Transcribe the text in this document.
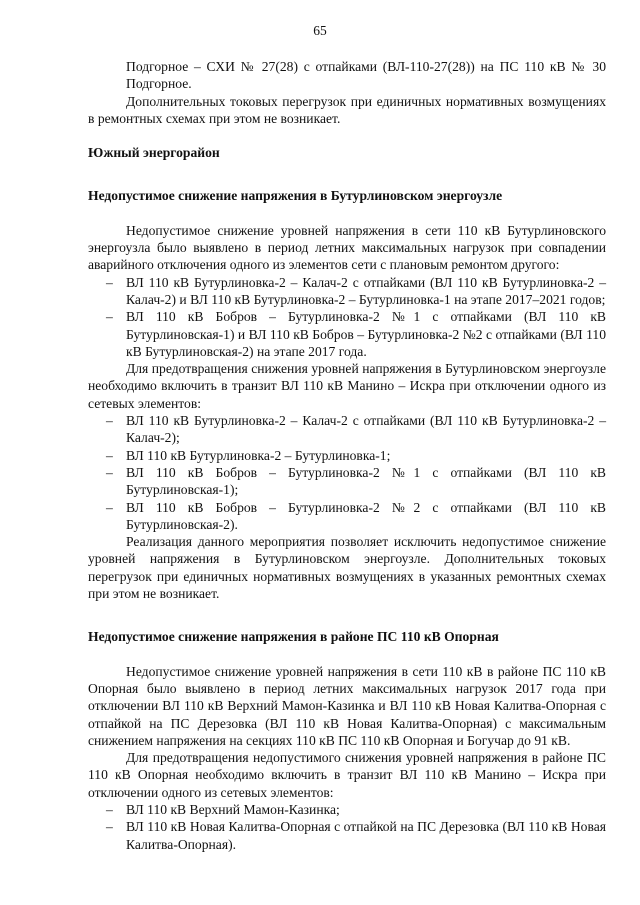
65

Подгорное – СХИ № 27(28) с отпайками (ВЛ-110-27(28)) на ПС 110 кВ № 30 Подгорное.

Дополнительных токовых перегрузок при единичных нормативных возмущениях в ремонтных схемах при этом не возникает.

Южный энергорайон

Недопустимое снижение напряжения в Бутурлиновском энергоузле

Недопустимое снижение уровней напряжения в сети 110 кВ Бутурлиновского энергоузла было выявлено в период летних максимальных нагрузок при совпадении аварийного отключения одного из элементов сети с плановым ремонтом другого:

– ВЛ 110 кВ Бутурлиновка-2 – Калач-2 с отпайками (ВЛ 110 кВ Бутурлиновка-2 – Калач-2) и ВЛ 110 кВ Бутурлиновка-2 – Бутурлиновка-1 на этапе 2017–2021 годов;
– ВЛ 110 кВ Бобров – Бутурлиновка-2 №1 с отпайками (ВЛ 110 кВ Бутурлиновская-1) и ВЛ 110 кВ Бобров – Бутурлиновка-2 №2 с отпайками (ВЛ 110 кВ Бутурлиновская-2) на этапе 2017 года.

Для предотвращения снижения уровней напряжения в Бутурлиновском энергоузле необходимо включить в транзит ВЛ 110 кВ Манино – Искра при отключении одного из сетевых элементов:

– ВЛ 110 кВ Бутурлиновка-2 – Калач-2 с отпайками (ВЛ 110 кВ Бутурлиновка-2 – Калач-2);
– ВЛ 110 кВ Бутурлиновка-2 – Бутурлиновка-1;
– ВЛ 110 кВ Бобров – Бутурлиновка-2 №1 с отпайками (ВЛ 110 кВ Бутурлиновская-1);
– ВЛ 110 кВ Бобров – Бутурлиновка-2 №2 с отпайками (ВЛ 110 кВ Бутурлиновская-2).

Реализация данного мероприятия позволяет исключить недопустимое снижение уровней напряжения в Бутурлиновском энергоузле. Дополнительных токовых перегрузок при единичных нормативных возмущениях в указанных ремонтных схемах при этом не возникает.

Недопустимое снижение напряжения в районе ПС 110 кВ Опорная

Недопустимое снижение уровней напряжения в сети 110 кВ в районе ПС 110 кВ Опорная было выявлено в период летних максимальных нагрузок 2017 года при отключении ВЛ 110 кВ Верхний Мамон-Казинка и ВЛ 110 кВ Новая Калитва-Опорная с отпайкой на ПС Дерезовка (ВЛ 110 кВ Новая Калитва-Опорная) с максимальным снижением напряжения на секциях 110 кВ ПС 110 кВ Опорная и Богучар до 91 кВ.

Для предотвращения недопустимого снижения уровней напряжения в районе ПС 110 кВ Опорная необходимо включить в транзит ВЛ 110 кВ Манино – Искра при отключении одного из сетевых элементов:

– ВЛ 110 кВ Верхний Мамон-Казинка;
– ВЛ 110 кВ Новая Калитва-Опорная с отпайкой на ПС Дерезовка (ВЛ 110 кВ Новая Калитва-Опорная).
